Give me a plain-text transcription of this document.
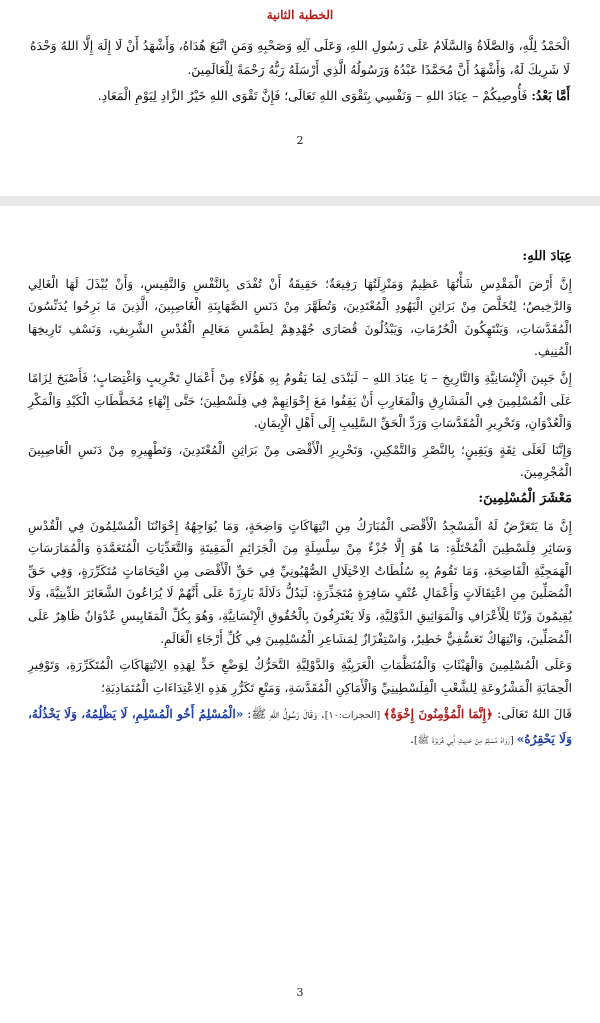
الخطبة الثانية

الْحَمْدُ لِلَّهِ، وَالصَّلَاةُ وَالسَّلَامُ عَلَى رَسُولِ اللهِ، وَعَلَى آلِهِ وَصَحْبِهِ وَمَنِ اتَّبَعَ هُدَاهُ، وَأَشْهَدُ أَنْ لَا إِلَهَ إِلَّا اللهُ وَحْدَهُ لَا شَرِيكَ لَهُ، وَأَشْهَدُ أَنَّ مُحَمَّدًا عَبْدُهُ وَرَسُولُهُ الَّذِي أَرْسَلَهُ رَبُّهُ رَحْمَةً لِلْعَالَمِينَ.

أَمَّا بَعْدُ: فَأُوصِيكُمْ – عِبَادَ اللهِ – وَنَفْسِي بِتَقْوَى اللهِ تَعَالَى؛ فَإِنَّ تَقْوَى اللهِ خَيْرُ الزَّادِ لِيَوْمِ الْمَعَادِ.

2

عِبَادَ اللهِ:

إِنَّ أَرْضَ الْمَقْدِسِ شَأْنُهَا عَظِيمٌ وَمَنْزِلَتُهَا رَفِيعَةٌ؛ حَقِيقَةٌ أَنْ تُفْدَى بِالنَّفْسِ وَالنَّفِيسِ، وَأَنْ يُبْذَلَ لَهَا الْغَالِي وَالرَّخِيصُ؛ لِتُخَلَّصَ مِنْ بَرَاثِنِ الْيَهُودِ الْمُعْتَدِينَ، وَتُطَهَّرَ مِنْ دَنَسِ الصَّهَايِنَةِ الْغَاصِبِينَ، الَّذِينَ مَا بَرِحُوا يُدَنِّسُونَ الْمُقَدَّسَاتِ، وَيَنْتَهِكُونَ الْحُرُمَاتِ، وَيَبْذُلُونَ قُصَارَى جُهْدِهِمْ لِطَمْسِ مَعَالِمِ الْقُدْسِ الشَّرِيفِ، وَنَسْفِ تَارِيخِهَا الْمُنِيفِ.

إِنَّ جَبِينَ الْإِنْسَانِيَّةِ وَالتَّارِيخِ – يَا عِبَادَ اللهِ – لَيَنْدَى لِمَا يَقُومُ بِهِ هَؤُلَاءِ مِنْ أَعْمَالِ تَخْرِيبٍ وَاغْتِصَابٍ؛ فَأَصْبَحَ لِزَامًا عَلَى الْمُسْلِمِينَ فِي الْمَشَارِقِ وَالْمَغَارِبِ أَنْ يَقِفُوا مَعَ إِخْوَانِهِمْ فِي فِلَسْطِينَ؛ حَتَّى إِنْهَاءِ مُخَطَّطَاتِ الْكَيْدِ وَالْمَكْرِ وَالْعُدْوَانِ، وَتَحْرِيرِ الْمُقَدَّسَاتِ وَرَدِّ الْحَقِّ السَّلِيبِ إِلَى أَهْلِ الْإِيمَانِ.

وَإِنَّنَا لَعَلَى ثِقَةٍ وَيَقِينٍ؛ بِالنَّصْرِ وَالتَّمْكِينِ، وَتَحْرِيرِ الْأَقْصَى مِنْ بَرَاثِنِ الْمُعْتَدِينَ، وَتَطْهِيرِهِ مِنْ دَنَسِ الْغَاصِبِينَ الْمُجْرِمِينَ.

مَعْشَرَ الْمُسْلِمِينَ:

إِنَّ مَا يَتَعَرَّضُ لَهُ الْمَسْجِدُ الْأَقْصَى الْمُبَارَكُ مِنِ انْتِهَاكَاتٍ وَاضِحَةٍ، وَمَا يُوَاجِهُهُ إِخْوَانُنَا الْمُسْلِمُونَ فِي الْقُدْسِ وَسَائِرِ فِلَسْطِينَ الْمُحْتَلَّةِ: مَا هُوَ إِلَّا جُزْءٌ مِنْ سِلْسِلَةٍ مِنَ الْجَرَائِمِ الْمَقِيتَةِ وَالتَّعَدِّيَاتِ الْمُتَعَمَّدَةِ وَالْمُمَارَسَاتِ الْهَمَجِيَّةِ الْفَاضِحَةِ، وَمَا تَقُومُ بِهِ سُلُطَاتُ الِاحْتِلَالِ الصُّهْيُونِيِّ فِي حَقِّ الْأَقْصَى مِنِ اقْتِحَامَاتٍ مُتَكَرِّرَةٍ، وَفِي حَقِّ الْمُصَلِّينَ مِنِ اعْتِقَالَاتٍ وَأَعْمَالِ عُنْفٍ سَافِرَةٍ مُتَجَذِّرَةٍ: لَيَدُلُّ دَلَالَةً بَارِزَةً عَلَى أَنَّهُمْ لَا يُرَاعُونَ الشَّعَائِرَ الدِّينِيَّةَ، وَلَا يُقِيمُونَ وَزْنًا لِلْأَعْرَافِ وَالْمَوَاثِيقِ الدَّوْلِيَّةِ، وَلَا يَعْتَرِفُونَ بِالْحُقُوقِ الْإِنْسَانِيَّةِ، وَهُوَ بِكُلِّ الْمَقَايِيسِ عُدْوَانٌ ظَاهِرٌ عَلَى الْمُصَلِّينَ، وَانْتِهَاكٌ تَعَسُّفِيٌّ خَطِيرٌ، وَاسْتِفْزَازٌ لِمَشَاعِرِ الْمُسْلِمِينَ فِي كُلِّ أَرْجَاءِ الْعَالَمِ.

وَعَلَى الْمُسْلِمِينَ وَالْهَيْئَاتِ وَالْمُنَظَّمَاتِ الْعَرَبِيَّةِ وَالدَّوْلِيَّةِ التَّحَرُّكُ لِوَضْعِ حَدٍّ لِهَذِهِ الِانْتِهَاكَاتِ الْمُتَكَرِّرَةِ، وَتَوْفِيرِ الْحِمَايَةِ الْمَشْرُوعَةِ لِلشَّعْبِ الْفِلَسْطِينِيِّ وَالْأَمَاكِنِ الْمُقَدَّسَةِ، وَمَنْعِ تَكَرُّرِ هَذِهِ الِاعْتِدَاءَاتِ الْمُتَمَادِيَةِ؛

قَالَ اللهُ تَعَالَى: ﴿إِنَّمَا الْمُؤْمِنُونَ إِخْوَةٌ﴾ [الحجرات:١٠]. وَقَالَ رَسُولُ اللهِ ﷺ: «الْمُسْلِمُ أَخُو الْمُسْلِمِ، لَا يَظْلِمُهُ، وَلَا يَخْذُلُهُ، وَلَا يَحْقِرُهُ» [رَوَاهُ مُسْلِمٌ مِنْ حَدِيثِ أَبِي هُرَيْرَةَ ﷺ].

3
